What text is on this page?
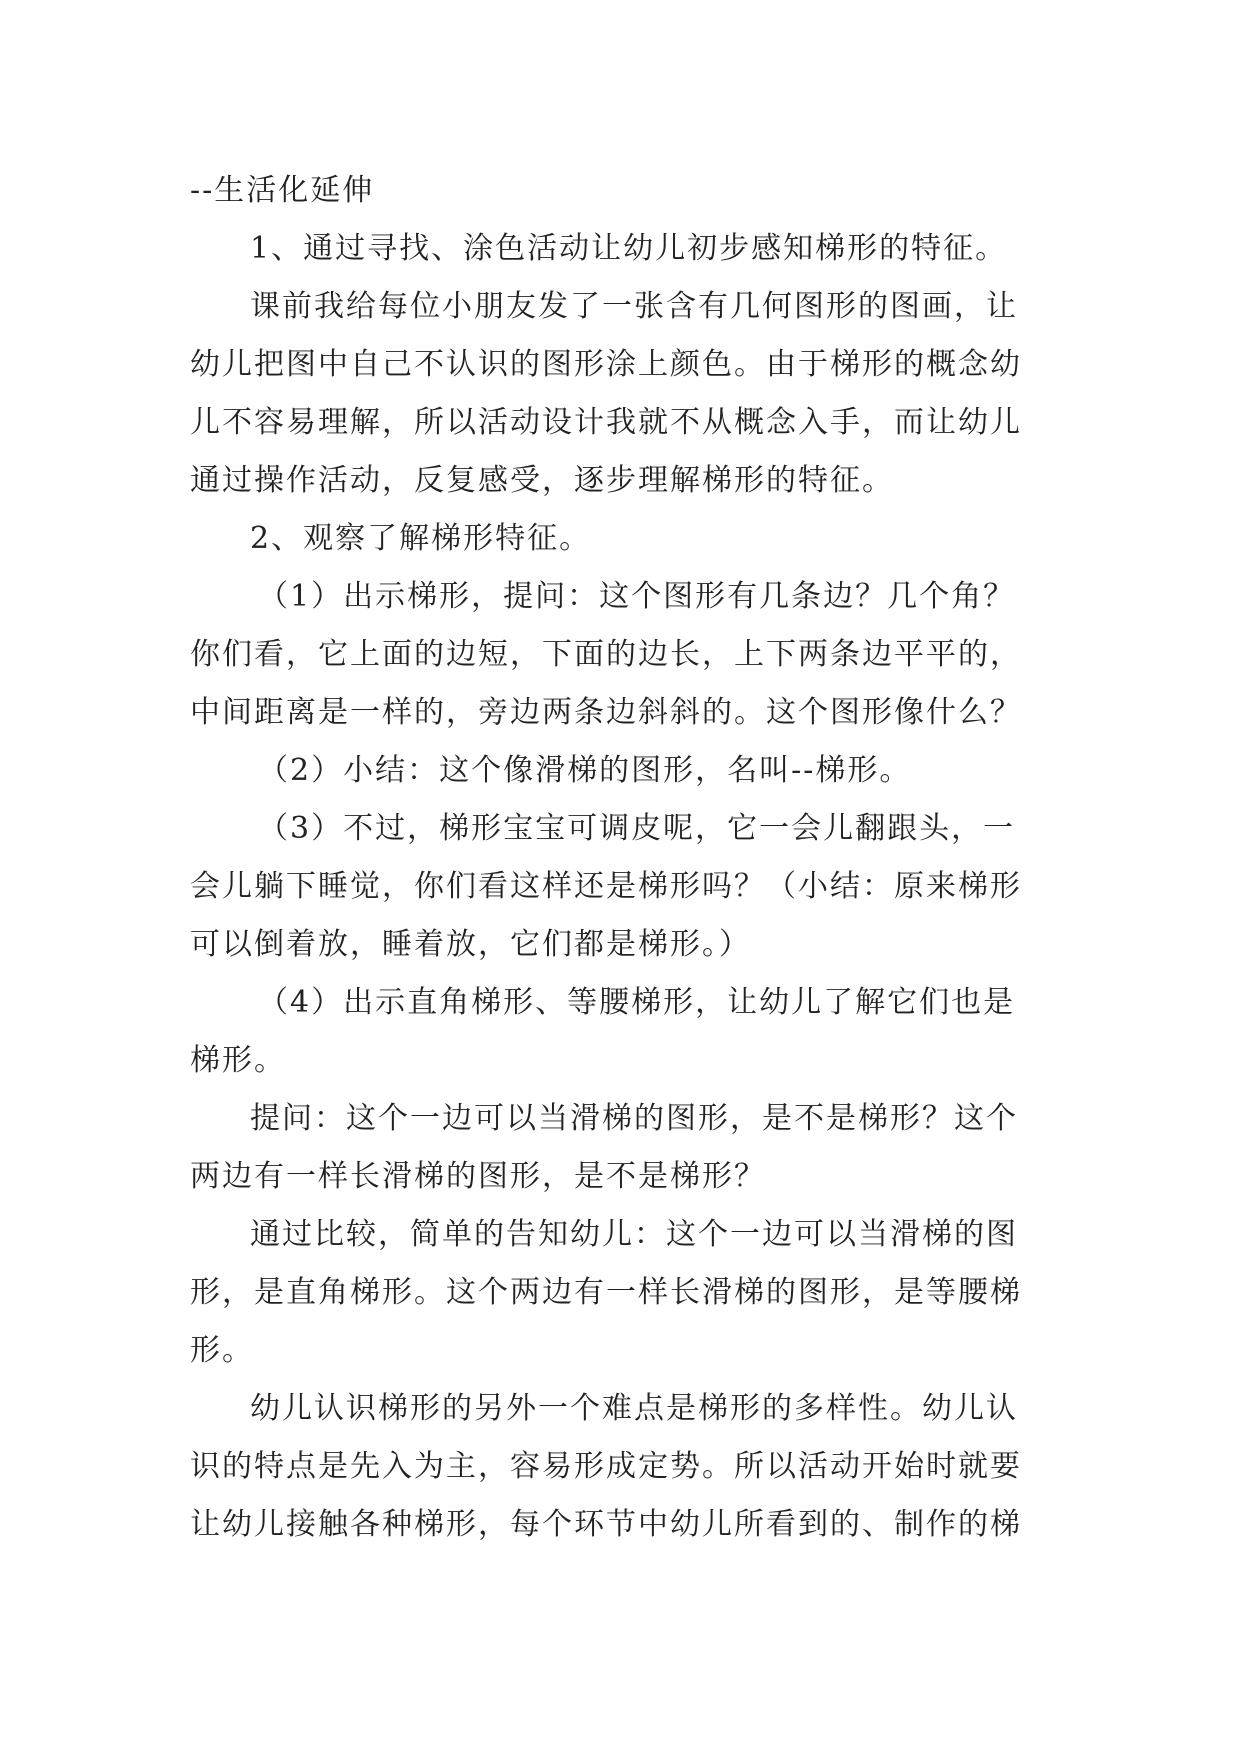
--生活化延伸
1、通过寻找、涂色活动让幼儿初步感知梯形的特征。
课前我给每位小朋友发了一张含有几何图形的图画，让
幼儿把图中自己不认识的图形涂上颜色。由于梯形的概念幼
儿不容易理解，所以活动设计我就不从概念入手，而让幼儿
通过操作活动，反复感受，逐步理解梯形的特征。
2、观察了解梯形特征。
（1）出示梯形，提问：这个图形有几条边？几个角？
你们看，它上面的边短，下面的边长，上下两条边平平的，
中间距离是一样的，旁边两条边斜斜的。这个图形像什么？
（2）小结：这个像滑梯的图形，名叫--梯形。
（3）不过，梯形宝宝可调皮呢，它一会儿翻跟头，一
会儿躺下睡觉，你们看这样还是梯形吗？（小结：原来梯形
可以倒着放，睡着放，它们都是梯形。）
（4）出示直角梯形、等腰梯形，让幼儿了解它们也是
梯形。
提问：这个一边可以当滑梯的图形，是不是梯形？这个
两边有一样长滑梯的图形，是不是梯形？
通过比较，简单的告知幼儿：这个一边可以当滑梯的图
形，是直角梯形。这个两边有一样长滑梯的图形，是等腰梯
形。
幼儿认识梯形的另外一个难点是梯形的多样性。幼儿认
识的特点是先入为主，容易形成定势。所以活动开始时就要
让幼儿接触各种梯形，每个环节中幼儿所看到的、制作的梯
